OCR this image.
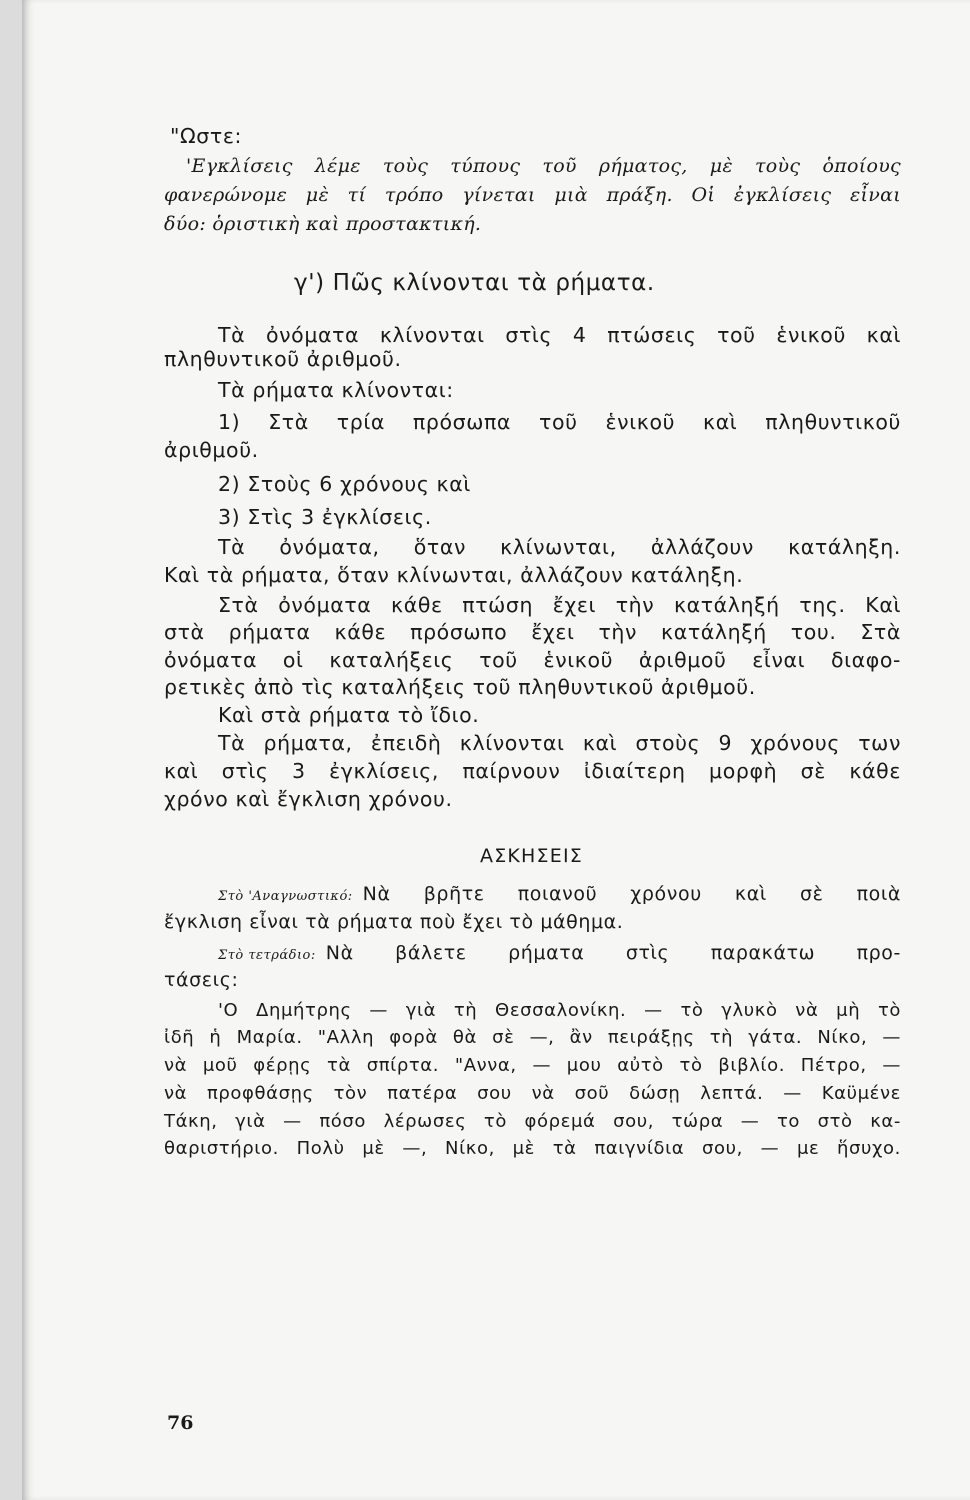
"Ωστε:
'Εγκλίσεις λέμε τοὺς τύπους τοῦ ρήματος, μὲ τοὺς ὁποίους
φανερώνομε μὲ τί τρόπο γίνεται μιὰ πράξη. Οἱ ἐγκλίσεις εἶναι
δύο: ὁριστικὴ καὶ προστακτική.
γ') Πῶς κλίνονται τὰ ρήματα.
Τὰ ὀνόματα κλίνονται στὶς 4 πτώσεις τοῦ ἑνικοῦ καὶ
πληθυντικοῦ ἀριθμοῦ.
Τὰ ρήματα κλίνονται:
1) Στὰ τρία πρόσωπα τοῦ ἑνικοῦ καὶ πληθυντικοῦ
ἀριθμοῦ.
2) Στοὺς 6 χρόνους καὶ
3) Στὶς 3 ἐγκλίσεις.
Τὰ ὀνόματα, ὅταν κλίνωνται, ἀλλάζουν κατάληξη.
Καὶ τὰ ρήματα, ὅταν κλίνωνται, ἀλλάζουν κατάληξη.
Στὰ ὀνόματα κάθε πτώση ἔχει τὴν κατάληξή της. Καὶ
στὰ ρήματα κάθε πρόσωπο ἔχει τὴν κατάληξή του. Στὰ
ὀνόματα οἱ καταλήξεις τοῦ ἑνικοῦ ἀριθμοῦ εἶναι διαφο-
ρετικὲς ἀπὸ τὶς καταλήξεις τοῦ πληθυντικοῦ ἀριθμοῦ.
Καὶ στὰ ρήματα τὸ ἴδιο.
Τὰ ρήματα, ἐπειδὴ κλίνονται καὶ στοὺς 9 χρόνους των
καὶ στὶς 3 ἐγκλίσεις, παίρνουν ἰδιαίτερη μορφὴ σὲ κάθε
χρόνο καὶ ἔγκλιση χρόνου.
ΑΣΚΗΣΕΙΣ
Στὸ 'Αναγνωστικό: Νὰ βρῆτε ποιανοῦ χρόνου καὶ σὲ ποιὰ
ἔγκλιση εἶναι τὰ ρήματα ποὺ ἔχει τὸ μάθημα.
Στὸ τετράδιο: Νὰ βάλετε ρήματα στὶς παρακάτω προ-
τάσεις:
'Ο Δημήτρης — γιὰ τὴ Θεσσαλονίκη. — τὸ γλυκὸ νὰ μὴ τὸ
ἰδῆ ἡ Μαρία. "Αλλη φορὰ θὰ σὲ —, ἂν πειράξῃς τὴ γάτα. Νίκο, —
νὰ μοῦ φέρῃς τὰ σπίρτα. "Αννα, — μου αὐτὸ τὸ βιβλίο. Πέτρο, —
νὰ προφθάσῃς τὸν πατέρα σου νὰ σοῦ δώσῃ λεπτά. — Καϋμένε
Τάκη, γιὰ — πόσο λέρωσες τὸ φόρεμά σου, τώρα — το στὸ κα-
θαριστήριο. Πολὺ μὲ —, Νίκο, μὲ τὰ παιγνίδια σου, — με ἥσυχο.
76
